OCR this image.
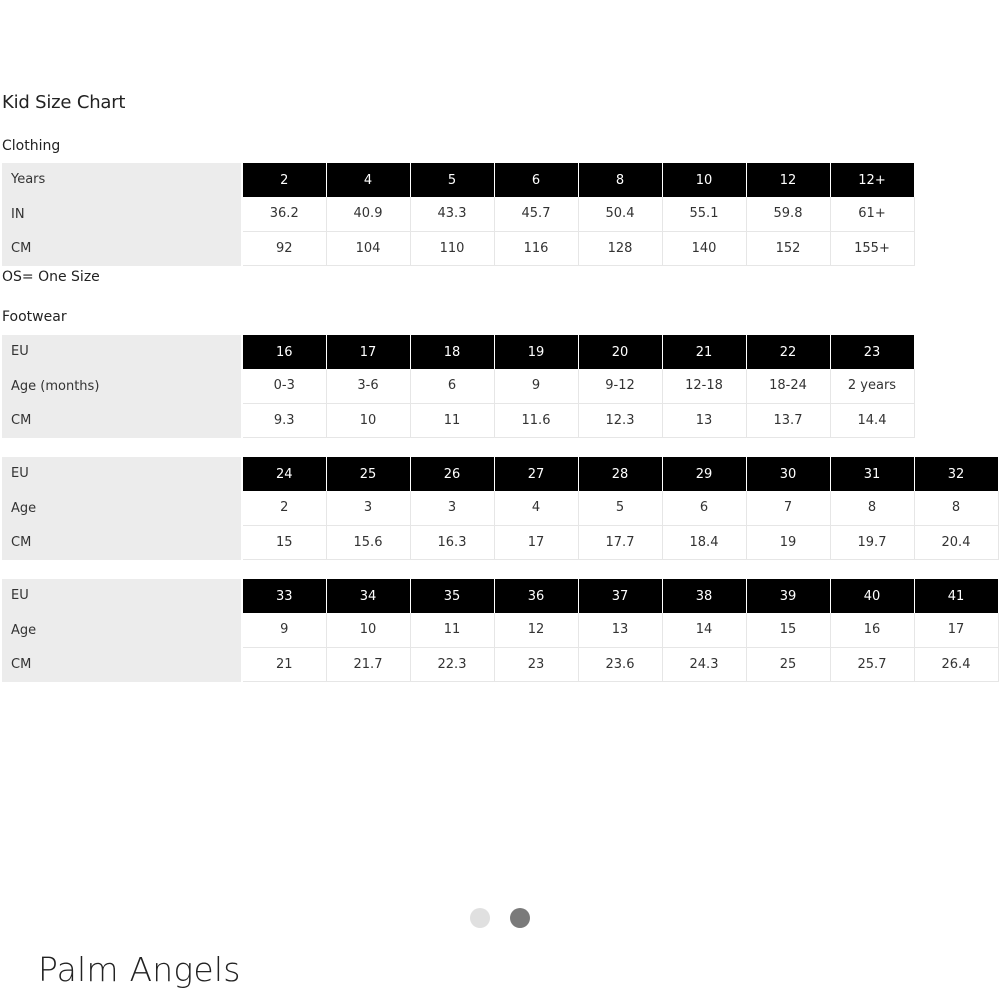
Kid Size Chart
Clothing
Years	2	4	5	6	8	10	12	12+
IN	36.2	40.9	43.3	45.7	50.4	55.1	59.8	61+
CM	92	104	110	116	128	140	152	155+
OS= One Size
Footwear
EU	16	17	18	19	20	21	22	23
Age (months)	0-3	3-6	6	9	9-12	12-18	18-24	2 years
CM	9.3	10	11	11.6	12.3	13	13.7	14.4
EU	24	25	26	27	28	29	30	31	32
Age	2	3	3	4	5	6	7	8	8
CM	15	15.6	16.3	17	17.7	18.4	19	19.7	20.4
EU	33	34	35	36	37	38	39	40	41
Age	9	10	11	12	13	14	15	16	17
CM	21	21.7	22.3	23	23.6	24.3	25	25.7	26.4
Palm Angels
